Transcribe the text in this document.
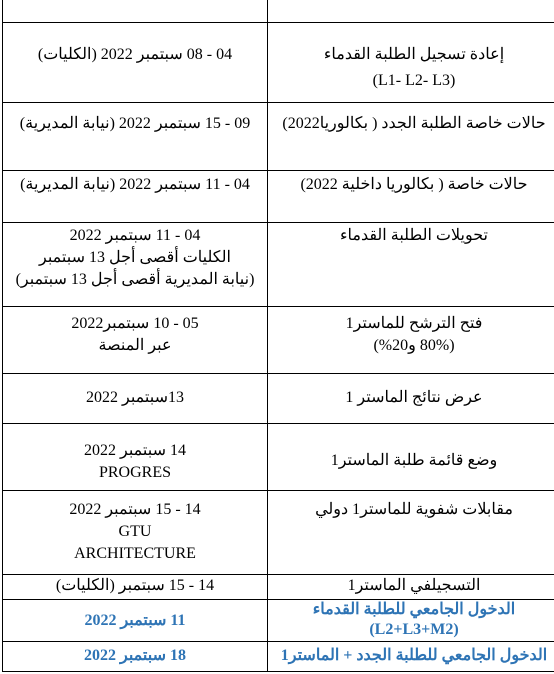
04 - 08 سبتمبر 2022 (الكليات)	إعادة تسجيل الطلبة القدماء
(L1- L2- L3)

09 - 15 سبتمبر 2022 (نيابة المديرية)	حالات خاصة الطلبة الجدد ( بكالوريا2022)

04 - 11 سبتمبر 2022 (نيابة المديرية)	حالات خاصة ( بكالوريا داخلية 2022)

04 - 11 سبتمبر 2022
الكليات أقصى أجل 13 سبتمبر
(نيابة المديرية أقصى أجل 13 سبتمبر)	تحويلات الطلبة القدماء

05 - 10 سبتمبر2022
عبر المنصة	فتح الترشح للماستر1
(80% و20%)

13سبتمبر 2022	عرض نتائج الماستر 1

14 سبتمبر 2022
PROGRES	وضع قائمة طلبة الماستر1

14 - 15 سبتمبر 2022
GTU
ARCHITECTURE	مقابلات شفوية للماستر1 دولي

14 - 15 سبتمبر (الكليات)	التسجيلفي الماستر1

11 سبتمبر 2022	الدخول الجامعي للطلبة القدماء
(L2+L3+M2)

18 سبتمبر 2022	الدخول الجامعي للطلبة الجدد + الماستر1
